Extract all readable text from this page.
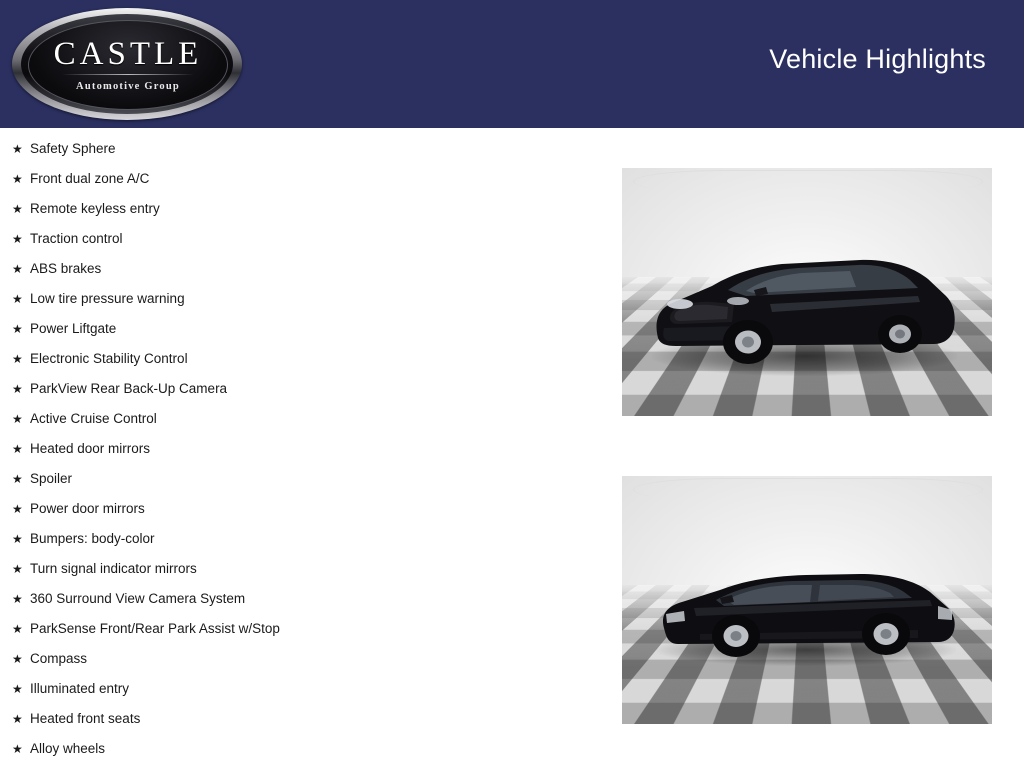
CASTLE
Automotive Group
Vehicle Highlights
★ Safety Sphere
★ Front dual zone A/C
★ Remote keyless entry
★ Traction control
★ ABS brakes
★ Low tire pressure warning
★ Power Liftgate
★ Electronic Stability Control
★ ParkView Rear Back-Up Camera
★ Active Cruise Control
★ Heated door mirrors
★ Spoiler
★ Power door mirrors
★ Bumpers: body-color
★ Turn signal indicator mirrors
★ 360 Surround View Camera System
★ ParkSense Front/Rear Park Assist w/Stop
★ Compass
★ Illuminated entry
★ Heated front seats
★ Alloy wheels
